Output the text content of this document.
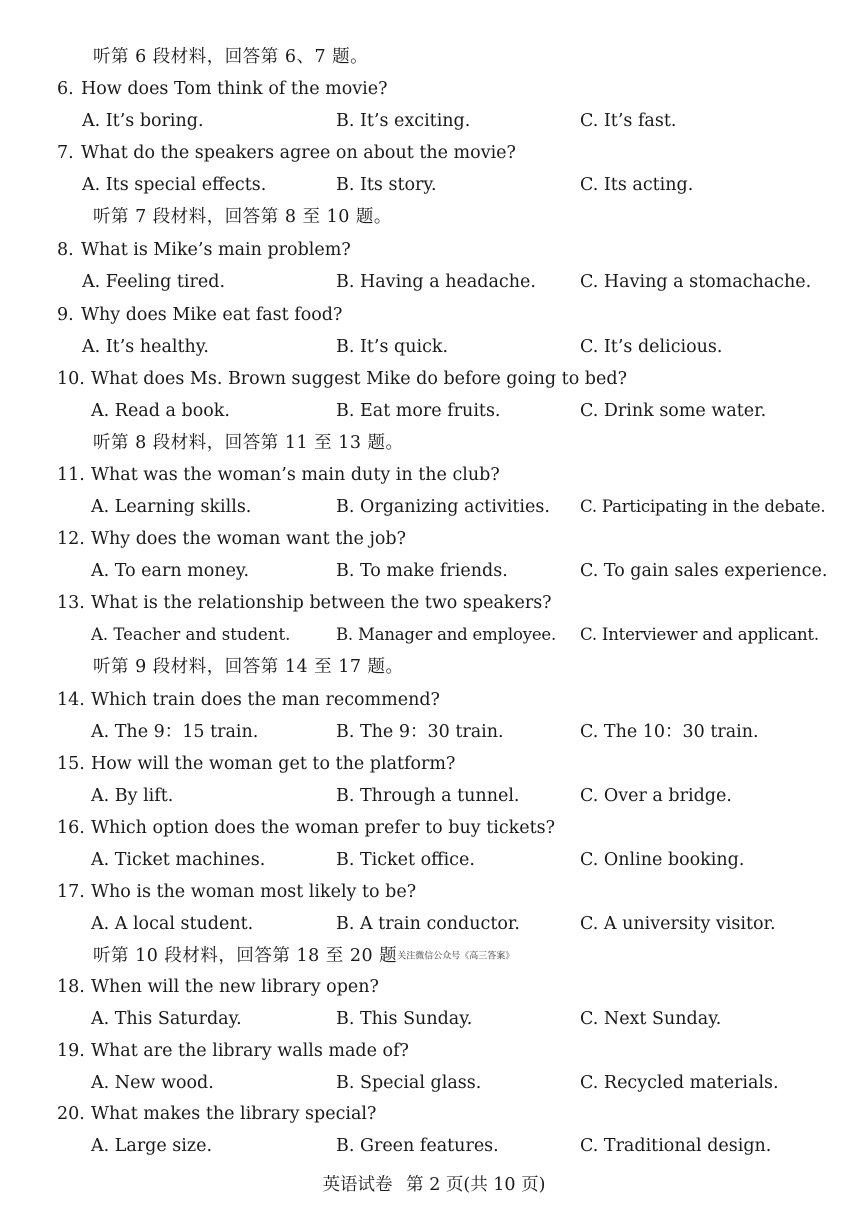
听第 6 段材料，回答第 6、7 题。
6. How does Tom think of the movie?
A. It’s boring.	B. It’s exciting.	C. It’s fast.
7. What do the speakers agree on about the movie?
A. Its special effects.	B. Its story.	C. Its acting.
听第 7 段材料，回答第 8 至 10 题。
8. What is Mike’s main problem?
A. Feeling tired.	B. Having a headache.	C. Having a stomachache.
9. Why does Mike eat fast food?
A. It’s healthy.	B. It’s quick.	C. It’s delicious.
10. What does Ms. Brown suggest Mike do before going to bed?
A. Read a book.	B. Eat more fruits.	C. Drink some water.
听第 8 段材料，回答第 11 至 13 题。
11. What was the woman’s main duty in the club?
A. Learning skills.	B. Organizing activities. C. Participating in the debate.
12. Why does the woman want the job?
A. To earn money.	B. To make friends.	C. To gain sales experience.
13. What is the relationship between the two speakers?
A. Teacher and student.	B. Manager and employee. C. Interviewer and applicant.
听第 9 段材料，回答第 14 至 17 题。
14. Which train does the man recommend?
A. The 9：15 train.	B. The 9：30 train.	C. The 10：30 train.
15. How will the woman get to the platform?
A. By lift.	B. Through a tunnel.	C. Over a bridge.
16. Which option does the woman prefer to buy tickets?
A. Ticket machines.	B. Ticket office.	C. Online booking.
17. Who is the woman most likely to be?
A. A local student.	B. A train conductor.	C. A university visitor.
听第 10 段材料，回答第 18 至 20 题关注微信公众号《高三答案》
18. When will the new library open?
A. This Saturday.	B. This Sunday.	C. Next Sunday.
19. What are the library walls made of?
A. New wood.	B. Special glass.	C. Recycled materials.
20. What makes the library special?
A. Large size.	B. Green features.	C. Traditional design.
英语试卷 第 2 页(共 10 页)
